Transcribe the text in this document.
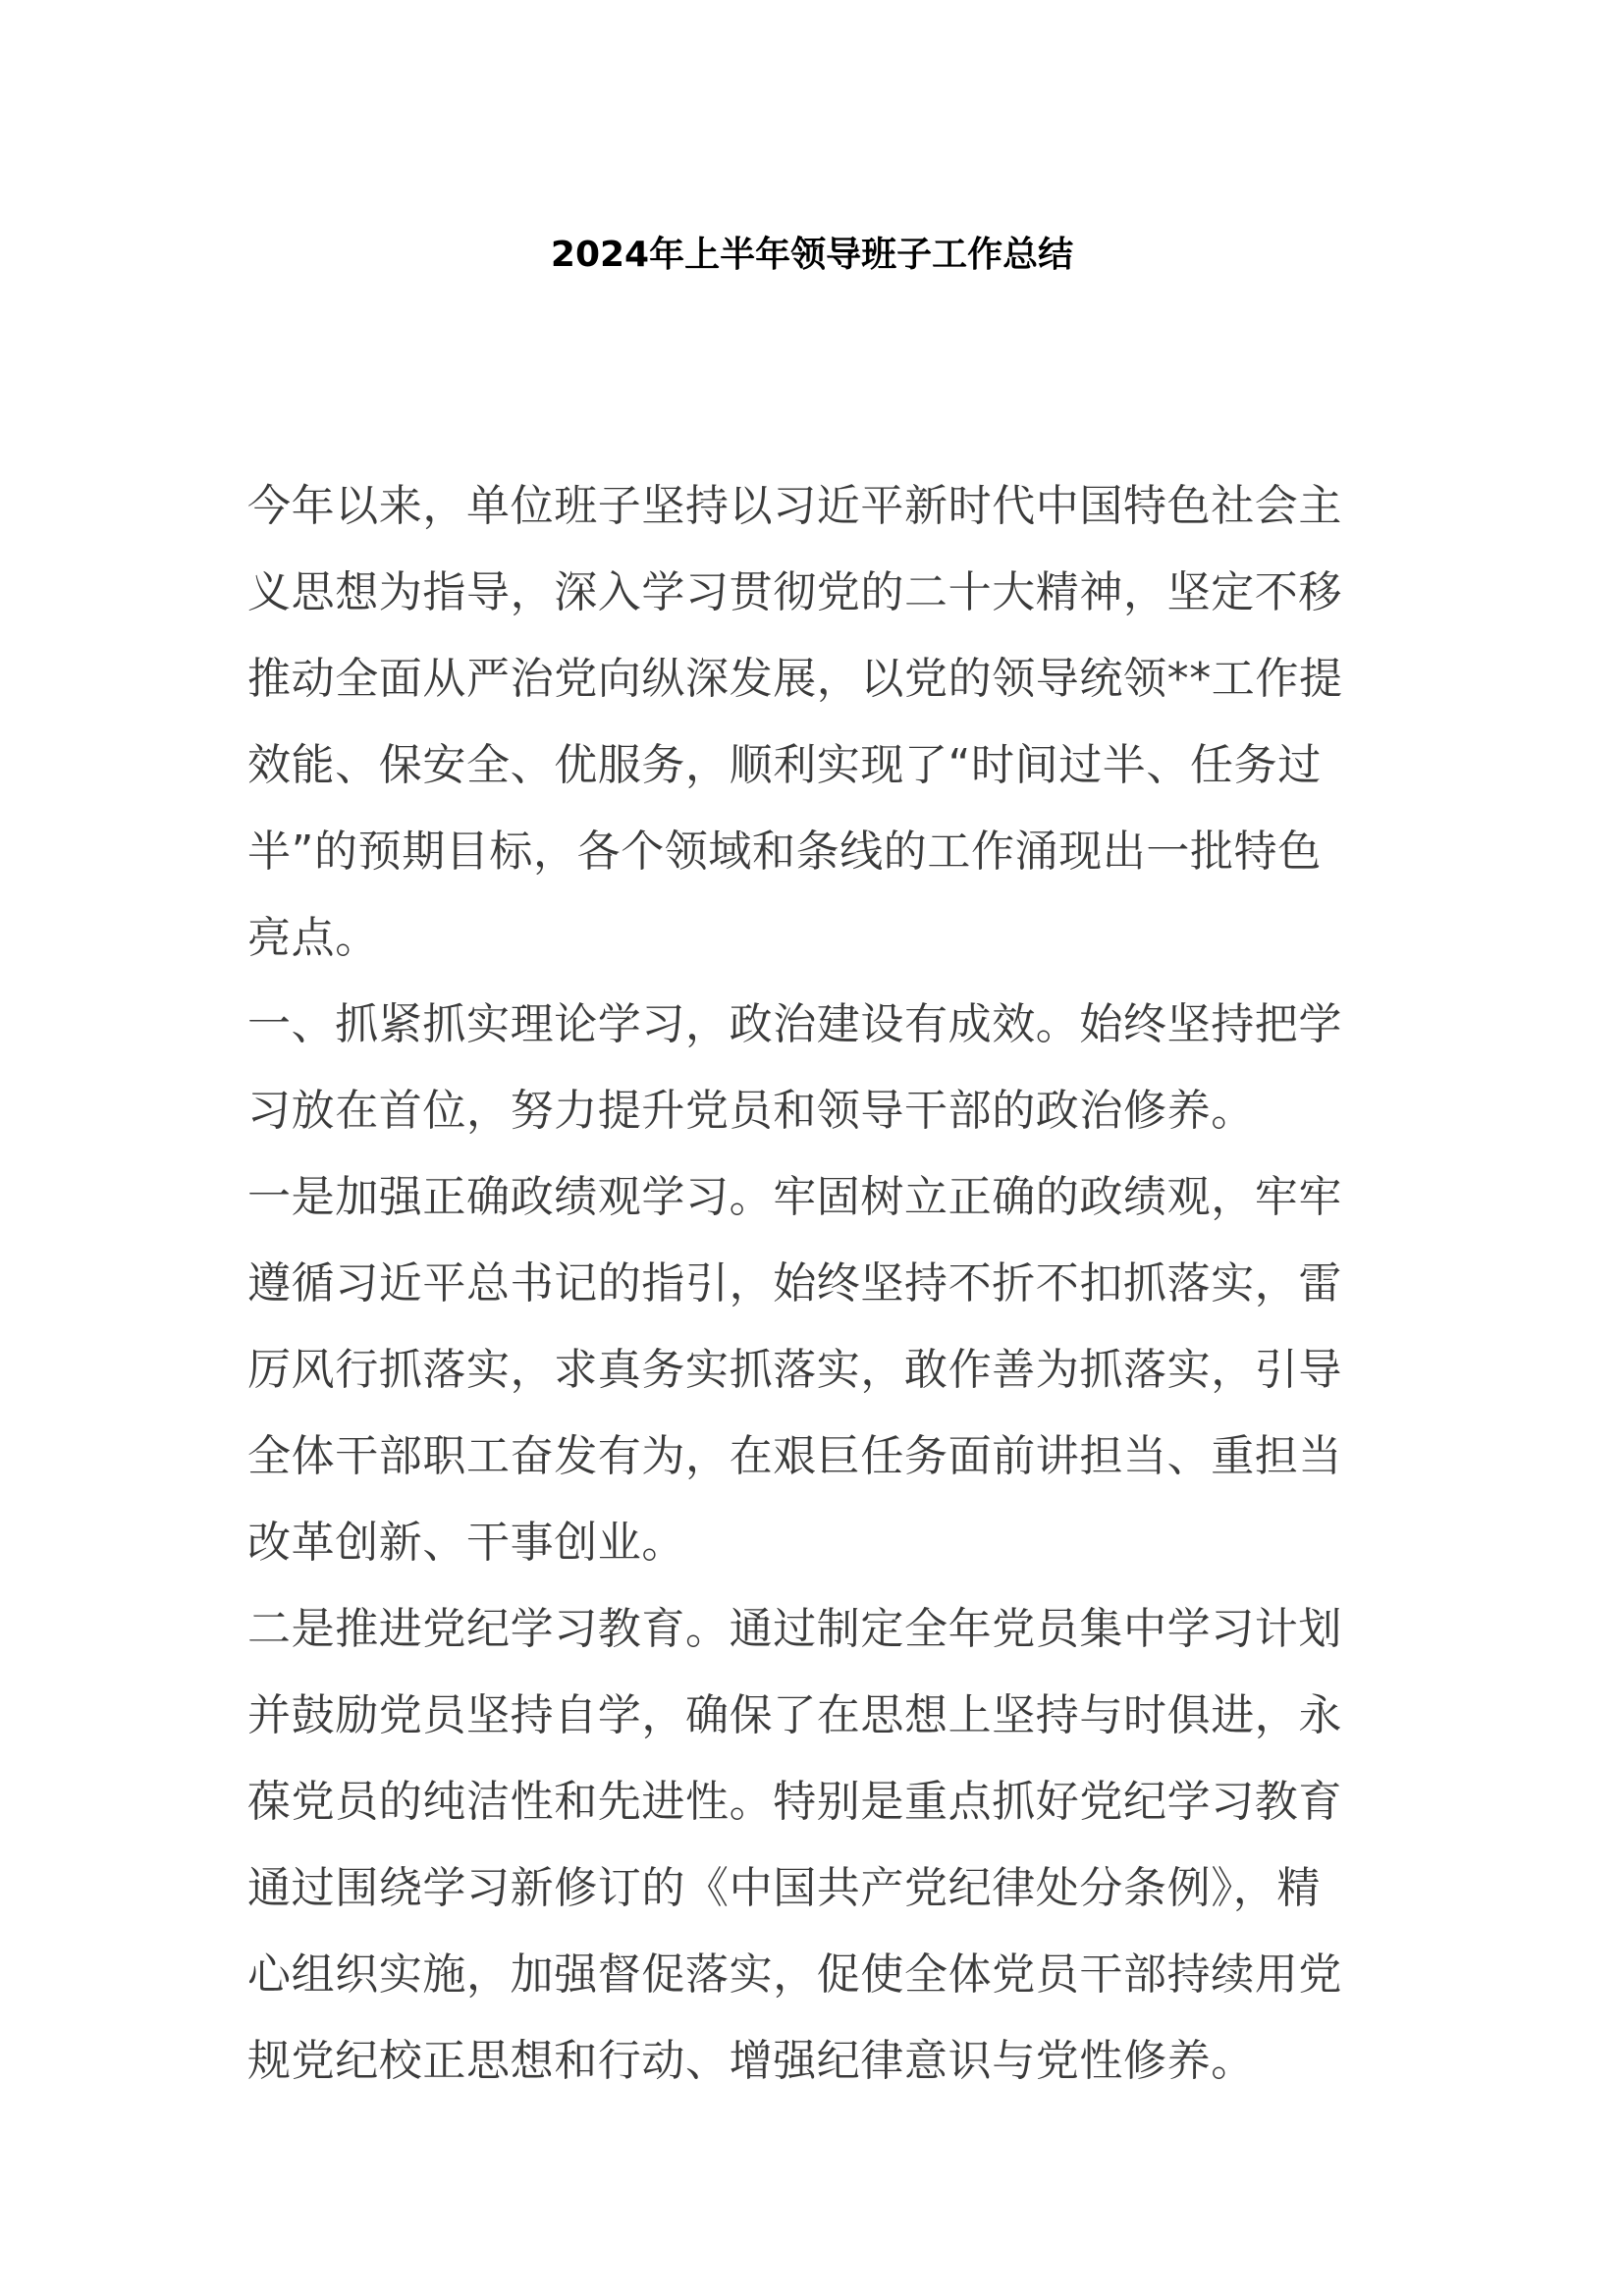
2024年上半年领导班子工作总结
今年以来，单位班子坚持以习近平新时代中国特色社会主
义思想为指导，深入学习贯彻党的二十大精神，坚定不移
推动全面从严治党向纵深发展，以党的领导统领**工作提
效能、保安全、优服务，顺利实现了“时间过半、任务过
半”的预期目标，各个领域和条线的工作涌现出一批特色
亮点。
一、抓紧抓实理论学习，政治建设有成效。始终坚持把学
习放在首位，努力提升党员和领导干部的政治修养。
一是加强正确政绩观学习。牢固树立正确的政绩观，牢牢
遵循习近平总书记的指引，始终坚持不折不扣抓落实，雷
厉风行抓落实，求真务实抓落实，敢作善为抓落实，引导
全体干部职工奋发有为，在艰巨任务面前讲担当、重担当
改革创新、干事创业。
二是推进党纪学习教育。通过制定全年党员集中学习计划
并鼓励党员坚持自学，确保了在思想上坚持与时俱进，永
葆党员的纯洁性和先进性。特别是重点抓好党纪学习教育
通过围绕学习新修订的《中国共产党纪律处分条例》，精
心组织实施，加强督促落实，促使全体党员干部持续用党
规党纪校正思想和行动、增强纪律意识与党性修养。
